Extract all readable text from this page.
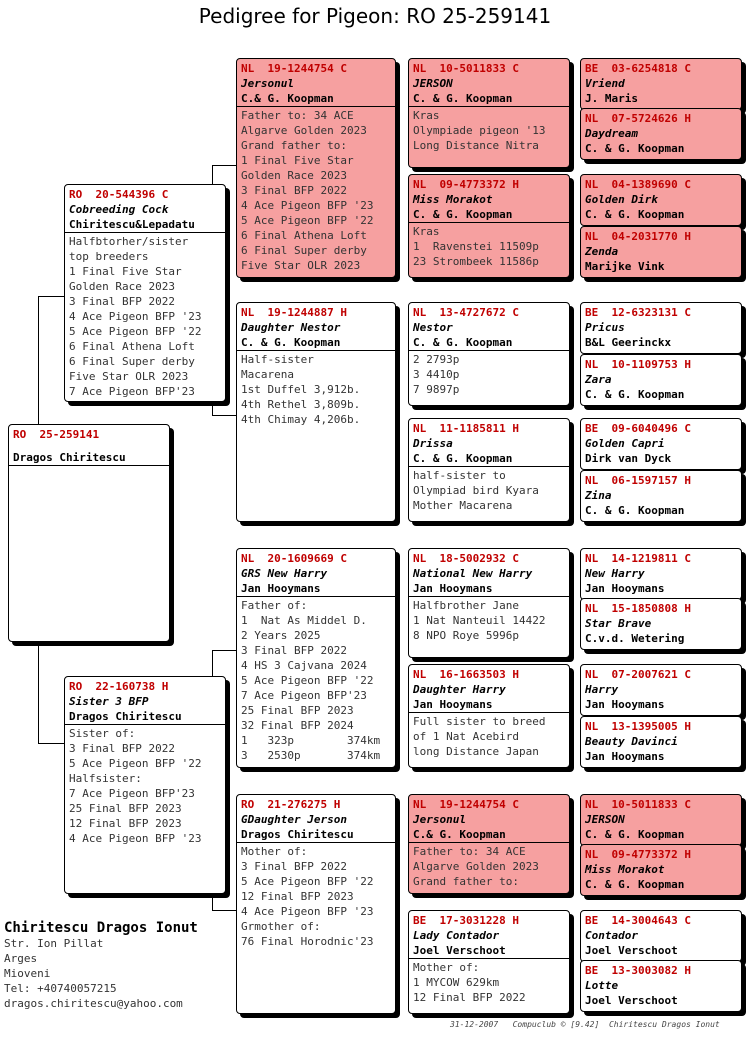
Pedigree for Pigeon: RO 25-259141
RO  25-259141
Dragos Chiritescu
RO  20-544396 C
Cobreeding Cock
Chiritescu&Lepadatu
Halfbtorher/sister
top breeders
1 Final Five Star
Golden Race 2023
3 Final BFP 2022
4 Ace Pigeon BFP '23
5 Ace Pigeon BFP '22
6 Final Athena Loft
6 Final Super derby
Five Star OLR 2023
7 Ace Pigeon BFP'23
RO  22-160738 H
Sister 3 BFP
Dragos Chiritescu
Sister of:
3 Final BFP 2022
5 Ace Pigeon BFP '22
Halfsister:
7 Ace Pigeon BFP'23
25 Final BFP 2023
12 Final BFP 2023
4 Ace Pigeon BFP '23
NL  19-1244754 C
Jersonul
C.& G. Koopman
Father to: 34 ACE
Algarve Golden 2023
Grand father to:
1 Final Five Star
Golden Race 2023
3 Final BFP 2022
4 Ace Pigeon BFP '23
5 Ace Pigeon BFP '22
6 Final Athena Loft
6 Final Super derby
Five Star OLR 2023
NL  19-1244887 H
Daughter Nestor
C. & G. Koopman
Half-sister
Macarena
1st Duffel 3,912b.
4th Rethel 3,809b.
4th Chimay 4,206b.
NL  20-1609669 C
GRS New Harry
Jan Hooymans
Father of:
1  Nat As Middel D.
2 Years 2025
3 Final BFP 2022
4 HS 3 Cajvana 2024
5 Ace Pigeon BFP '22
7 Ace Pigeon BFP'23
25 Final BFP 2023
32 Final BFP 2024
1   323p        374km
3   2530p       374km
RO  21-276275 H
GDaughter Jerson
Dragos Chiritescu
Mother of:
3 Final BFP 2022
5 Ace Pigeon BFP '22
12 Final BFP 2023
4 Ace Pigeon BFP '23
Grmother of:
76 Final Horodnic'23
NL  10-5011833 C
JERSON
C. & G. Koopman
Kras
Olympiade pigeon '13
Long Distance Nitra
NL  09-4773372 H
Miss Morakot
C. & G. Koopman
Kras
1  Ravenstei 11509p
23 Strombeek 11586p
NL  13-4727672 C
Nestor
C. & G. Koopman
2 2793p
3 4410p
7 9897p
NL  11-1185811 H
Drissa
C. & G. Koopman
half-sister to
Olympiad bird Kyara
Mother Macarena
NL  18-5002932 C
National New Harry
Jan Hooymans
Halfbrother Jane
1 Nat Nanteuil 14422
8 NPO Roye 5996p
NL  16-1663503 H
Daughter Harry
Jan Hooymans
Full sister to breed
of 1 Nat Acebird
long Distance Japan
NL  19-1244754 C
Jersonul
C.& G. Koopman
Father to: 34 ACE
Algarve Golden 2023
Grand father to:
BE  17-3031228 H
Lady Contador
Joel Verschoot
Mother of:
1 MYCOW 629km
12 Final BFP 2022
BE  03-6254818 C
Vriend
J. Maris
NL  07-5724626 H
Daydream
C. & G. Koopman
NL  04-1389690 C
Golden Dirk
C. & G. Koopman
NL  04-2031770 H
Zenda
Marijke Vink
BE  12-6323131 C
Pricus
B&L Geerinckx
NL  10-1109753 H
Zara
C. & G. Koopman
BE  09-6040496 C
Golden Capri
Dirk van Dyck
NL  06-1597157 H
Zina
C. & G. Koopman
NL  14-1219811 C
New Harry
Jan Hooymans
NL  15-1850808 H
Star Brave
C.v.d. Wetering
NL  07-2007621 C
Harry
Jan Hooymans
NL  13-1395005 H
Beauty Davinci
Jan Hooymans
NL  10-5011833 C
JERSON
C. & G. Koopman
NL  09-4773372 H
Miss Morakot
C. & G. Koopman
BE  14-3004643 C
Contador
Joel Verschoot
BE  13-3003082 H
Lotte
Joel Verschoot
Chiritescu Dragos Ionut
Str. Ion Pillat
Arges
Mioveni
Tel: +40740057215
dragos.chiritescu@yahoo.com
31-12-2007   Compuclub © [9.42]  Chiritescu Dragos Ionut
